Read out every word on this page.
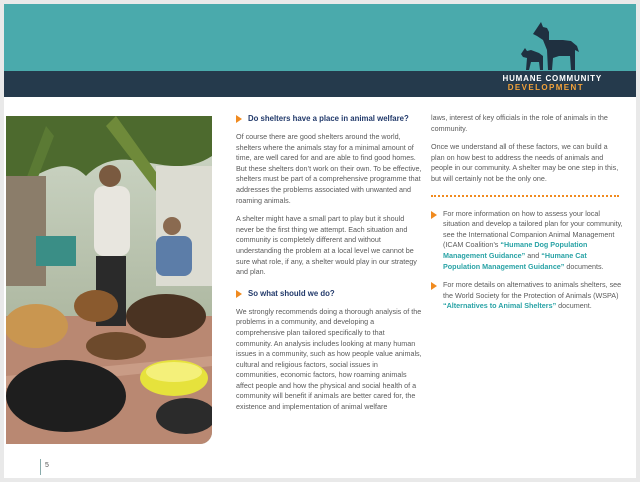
HUMANE COMMUNITY
DEVELOPMENT
Do shelters have a place in animal welfare?

Of course there are good shelters around the world, shelters where the animals stay for a minimal amount of time, are well cared for and are able to find good homes. But these shelters don’t work on their own. To be effective, shelters must be part of a comprehensive programme that addresses the problems associated with unwanted and roaming animals.

A shelter might have a small part to play but it should never be the first thing we attempt. Each situation and community is completely different and without understanding the problem at a local level we cannot be sure what role, if any, a shelter would play in our strategy and plan.

So what should we do?

We strongly recommends doing a thorough analysis of the problems in a community, and developing a comprehensive plan tailored specifically to that community. An analysis includes looking at many human issues in a community, such as how people value animals, cultural and religious factors, social issues in communities, economic factors, how roaming animals affect people and how the physical and social health of a community will benefit if animals are better cared for, the existence and implementation of animal welfare

laws, interest of key officials in the role of animals in the community.

Once we understand all of these factors, we can build a plan on how best to address the needs of animals and people in our community. A shelter may be one step in this, but will certainly not be the only one.

For more information on how to assess your local situation and develop a tailored plan for your community, see the International Companion Animal Management (ICAM Coalition’s “Humane Dog Population Management Guidance” and “Humane Cat Population Management Guidance” documents.
For more details on alternatives to animals shelters, see the World Society for the Protection of Animals (WSPA) “Alternatives to Animal Shelters” document.
5
